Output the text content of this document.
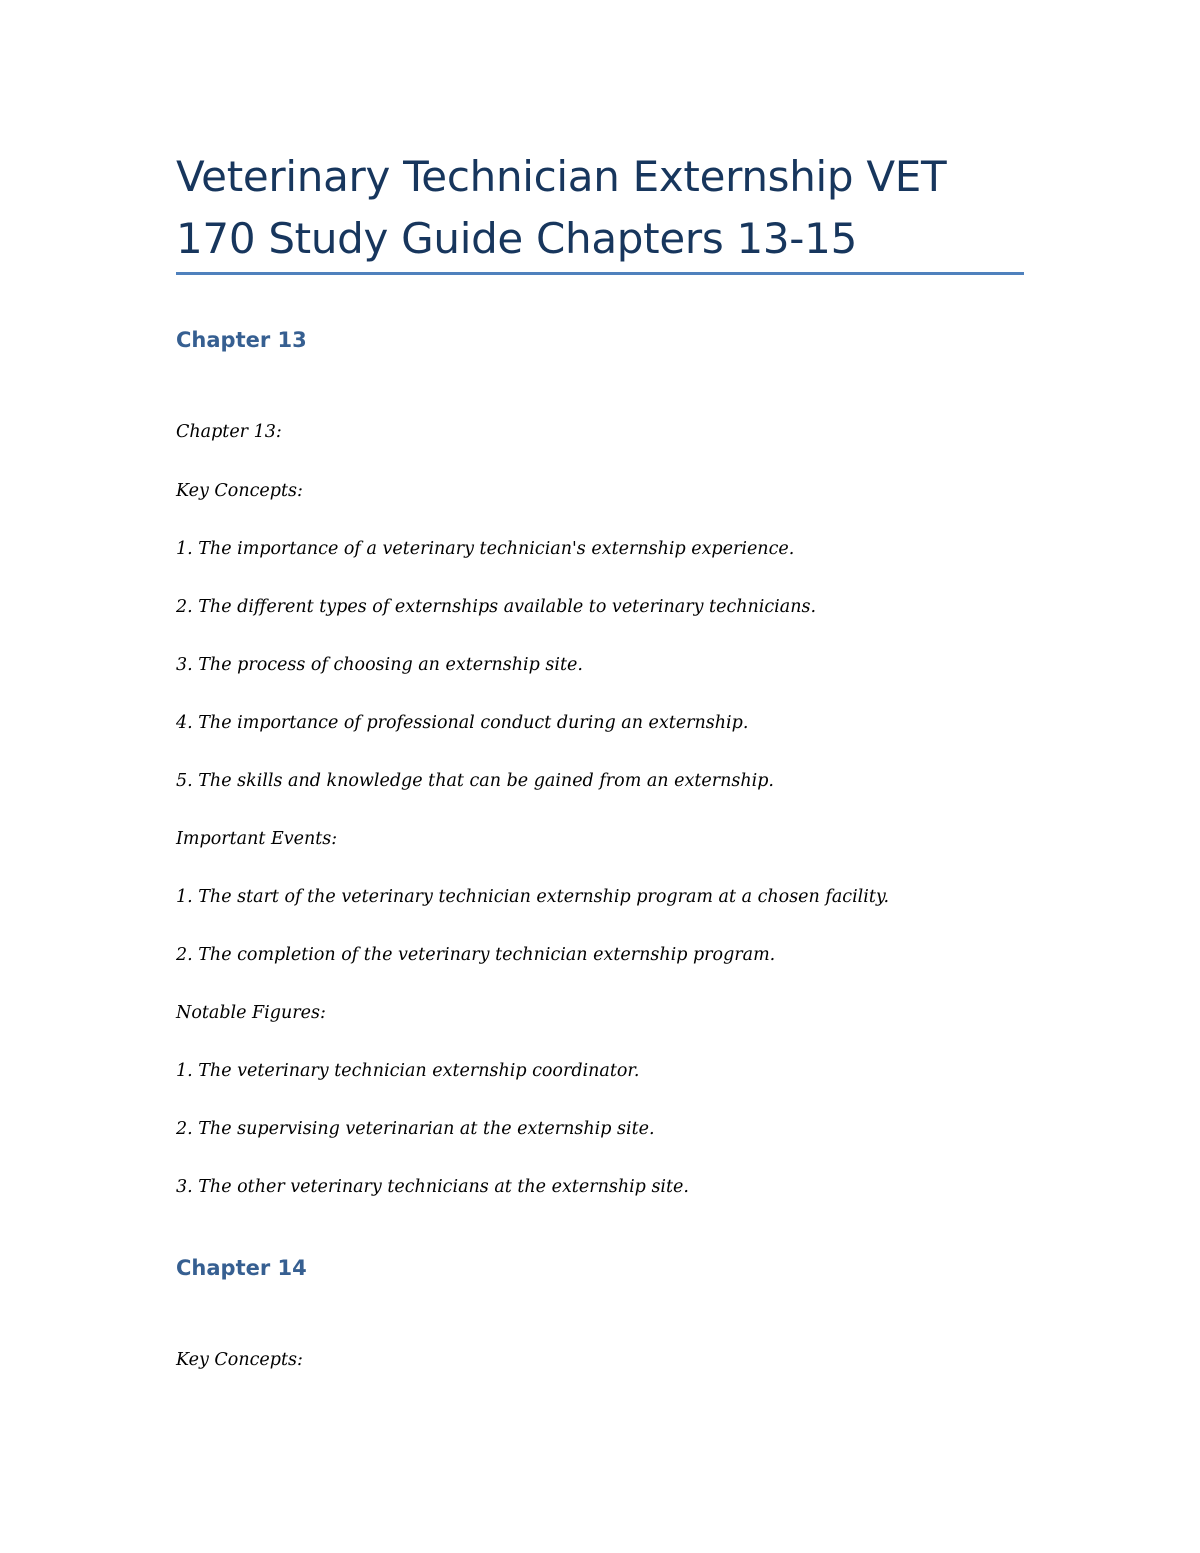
Veterinary Technician Externship VET 170 Study Guide Chapters 13-15
Chapter 13

Chapter 13:

Key Concepts:

1. The importance of a veterinary technician's externship experience.

2. The different types of externships available to veterinary technicians.

3. The process of choosing an externship site.

4. The importance of professional conduct during an externship.

5. The skills and knowledge that can be gained from an externship.

Important Events:

1. The start of the veterinary technician externship program at a chosen facility.

2. The completion of the veterinary technician externship program.

Notable Figures:

1. The veterinary technician externship coordinator.

2. The supervising veterinarian at the externship site.

3. The other veterinary technicians at the externship site.

Chapter 14

Key Concepts:
